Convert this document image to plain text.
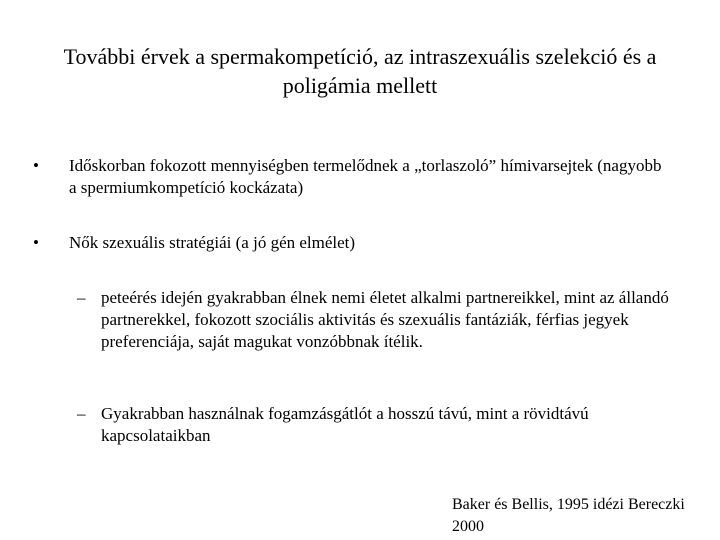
További érvek a spermakompetíció, az intraszexuális szelekció és a poligámia mellett
• Időskorban fokozott mennyiségben termelődnek a „torlaszoló” hímivarsejtek (nagyobb a spermiumkompetíció kockázata)
• Nők szexuális stratégiái (a jó gén elmélet)
– peteérés idején gyakrabban élnek nemi életet alkalmi partnereikkel, mint az állandó partnerekkel, fokozott szociális aktivitás és szexuális fantáziák, férfias jegyek preferenciája, saját magukat vonzóbbnak ítélik.
– Gyakrabban használnak fogamzásgátlót a hosszú távú, mint a rövidtávú kapcsolataikban
Baker és Bellis, 1995 idézi Bereczki 2000
